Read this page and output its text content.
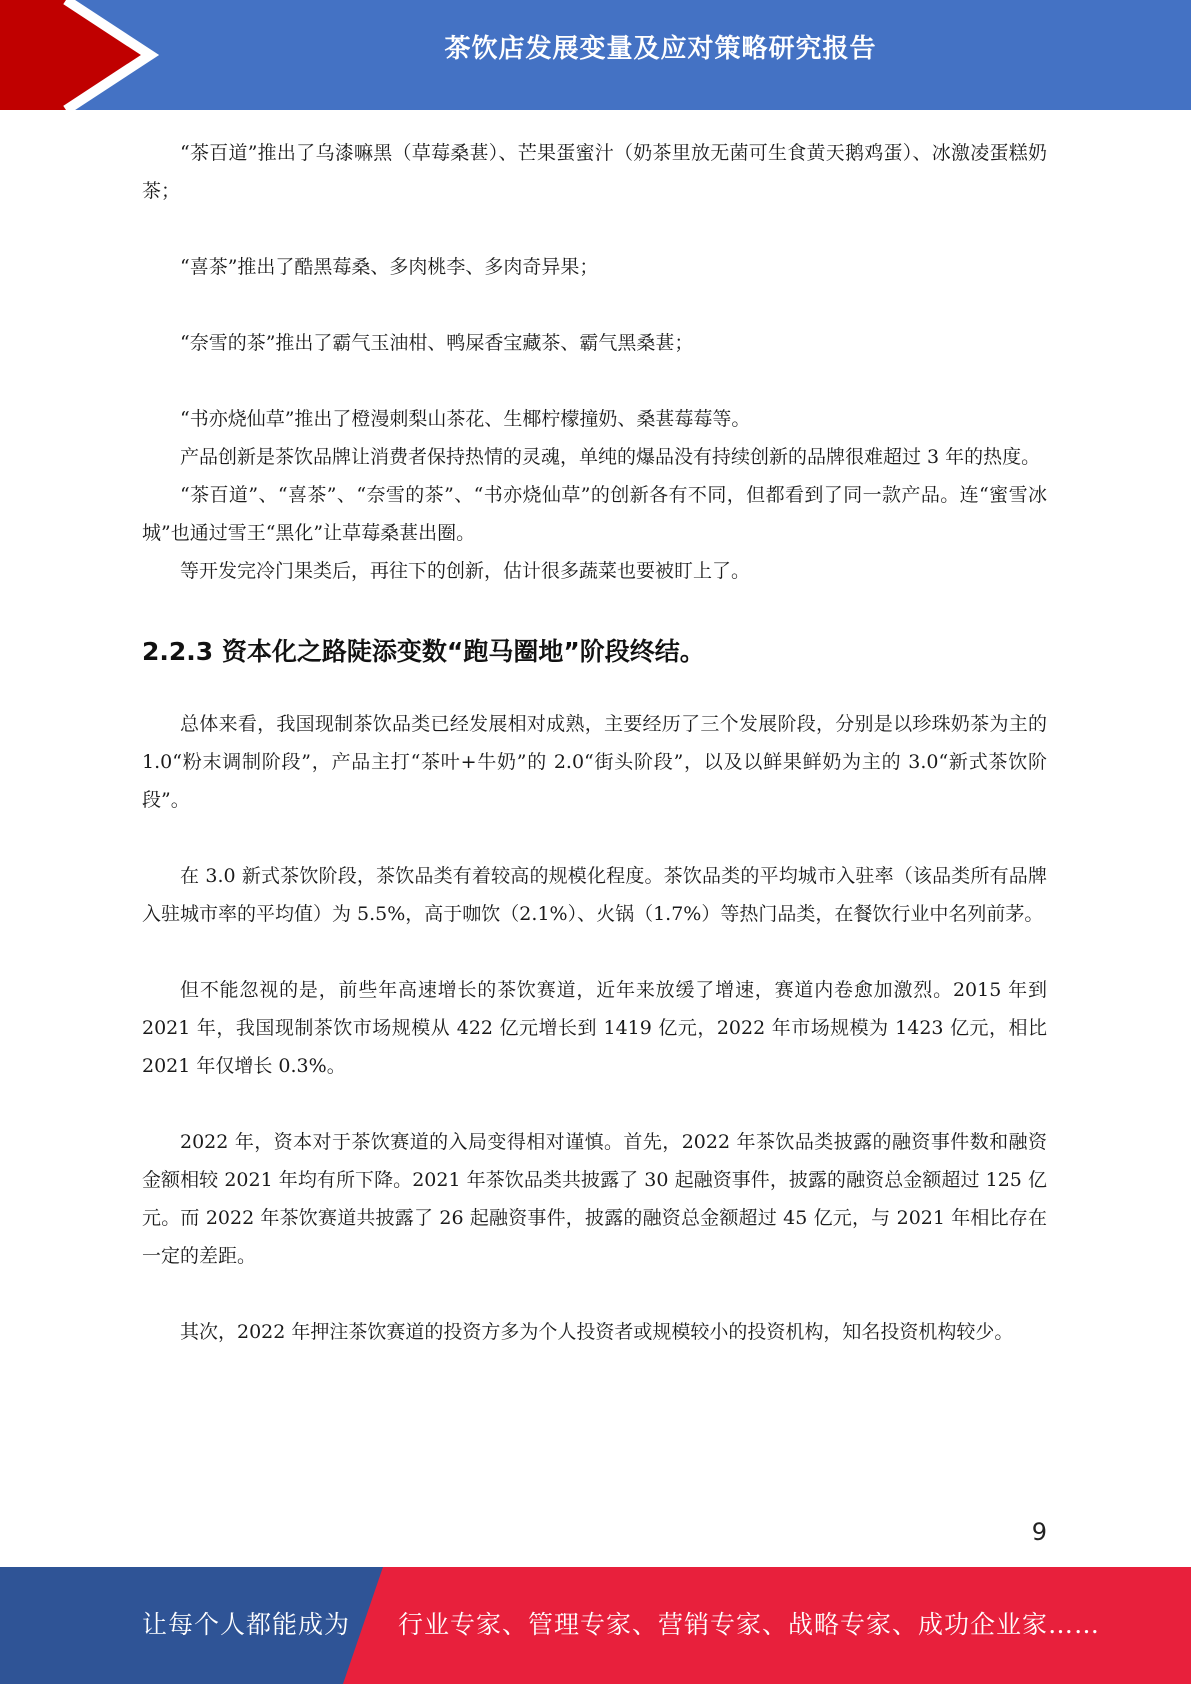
茶饮店发展变量及应对策略研究报告

“茶百道”推出了乌漆嘛黑（草莓桑葚）、芒果蛋蜜汁（奶茶里放无菌可生食黄天鹅鸡蛋）、冰激凌蛋糕奶茶；

“喜茶”推出了酷黑莓桑、多肉桃李、多肉奇异果；

“奈雪的茶”推出了霸气玉油柑、鸭屎香宝藏茶、霸气黑桑葚；

“书亦烧仙草”推出了橙漫刺梨山茶花、生椰柠檬撞奶、桑葚莓莓等。

产品创新是茶饮品牌让消费者保持热情的灵魂，单纯的爆品没有持续创新的品牌很难超过 3 年的热度。

“茶百道”、“喜茶”、“奈雪的茶”、“书亦烧仙草”的创新各有不同，但都看到了同一款产品。连“蜜雪冰城”也通过雪王“黑化”让草莓桑葚出圈。

等开发完冷门果类后，再往下的创新，估计很多蔬菜也要被盯上了。

2.2.3 资本化之路陡添变数“跑马圈地”阶段终结。

总体来看，我国现制茶饮品类已经发展相对成熟，主要经历了三个发展阶段，分别是以珍珠奶茶为主的 1.0“粉末调制阶段”，产品主打“茶叶+牛奶”的 2.0“街头阶段”，以及以鲜果鲜奶为主的 3.0“新式茶饮阶段”。

在 3.0 新式茶饮阶段，茶饮品类有着较高的规模化程度。茶饮品类的平均城市入驻率（该品类所有品牌入驻城市率的平均值）为 5.5%，高于咖饮（2.1%）、火锅（1.7%）等热门品类，在餐饮行业中名列前茅。

但不能忽视的是，前些年高速增长的茶饮赛道，近年来放缓了增速，赛道内卷愈加激烈。2015 年到 2021 年，我国现制茶饮市场规模从 422 亿元增长到 1419 亿元，2022 年市场规模为 1423 亿元，相比 2021 年仅增长 0.3%。

2022 年，资本对于茶饮赛道的入局变得相对谨慎。首先，2022 年茶饮品类披露的融资事件数和融资金额相较 2021 年均有所下降。2021 年茶饮品类共披露了 30 起融资事件，披露的融资总金额超过 125 亿元。而 2022 年茶饮赛道共披露了 26 起融资事件，披露的融资总金额超过 45 亿元，与 2021 年相比存在一定的差距。

其次，2022 年押注茶饮赛道的投资方多为个人投资者或规模较小的投资机构，知名投资机构较少。

9
让每个人都能成为 行业专家、管理专家、营销专家、战略专家、成功企业家……
